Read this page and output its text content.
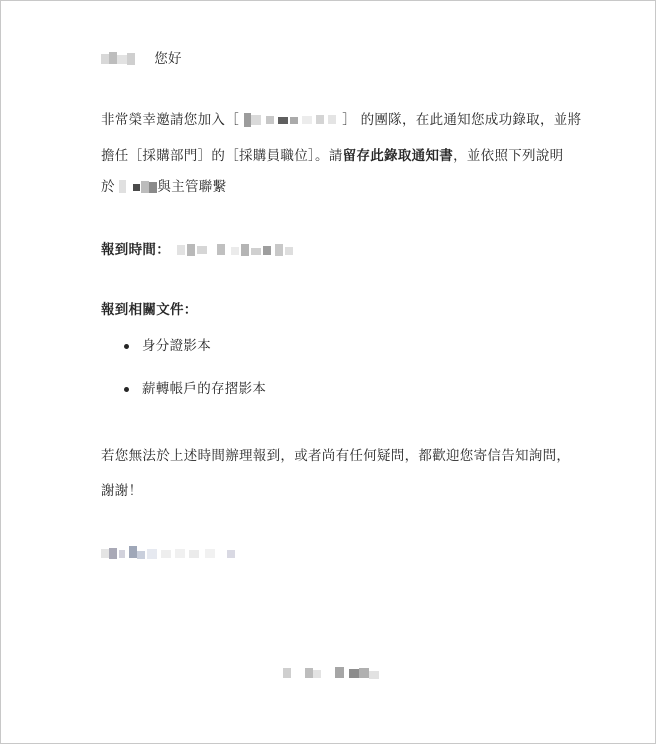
您好

非常榮幸邀請您加入［	］ 的團隊，在此通知您成功錄取，並將

擔任［採購部門］的［採購員職位］。請留存此錄取通知書，並依照下列說明

於	與主管聯繫

報到時間：

報到相關文件：

身分證影本

薪轉帳戶的存摺影本

若您無法於上述時間辦理報到，或者尚有任何疑問，都歡迎您寄信告知詢問，

謝謝！
